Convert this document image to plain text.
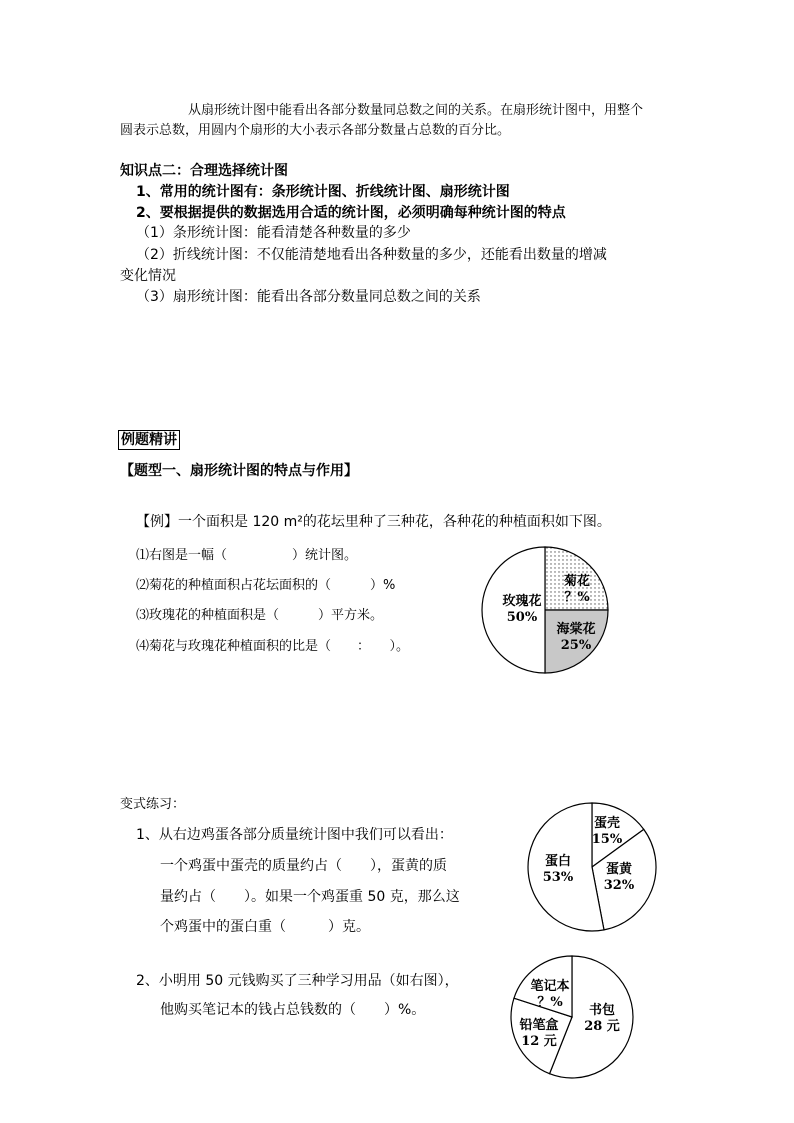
从扇形统计图中能看出各部分数量同总数之间的关系。在扇形统计图中，用整个
圆表示总数，用圆内个扇形的大小表示各部分数量占总数的百分比。
知识点二：合理选择统计图
1、常用的统计图有：条形统计图、折线统计图、扇形统计图
2、要根据提供的数据选用合适的统计图，必须明确每种统计图的特点
（1）条形统计图：能看清楚各种数量的多少
（2）折线统计图：不仅能清楚地看出各种数量的多少，还能看出数量的增减
变化情况
（3）扇形统计图：能看出各部分数量同总数之间的关系
例题精讲
【题型一、扇形统计图的特点与作用】
【例】一个面积是 120 m²的花坛里种了三种花，各种花的种植面积如下图。
⑴右图是一幅（　　　　　）统计图。
⑵菊花的种植面积占花坛面积的（　　　）%
⑶玫瑰花的种植面积是（　　　）平方米。
⑷菊花与玫瑰花种植面积的比是（　　：　　）。
菊花
？%
海棠花
25%
玫瑰花
50%
变式练习：
1、从右边鸡蛋各部分质量统计图中我们可以看出：
一个鸡蛋中蛋壳的质量约占（　　），蛋黄的质
量约占（　　）。如果一个鸡蛋重 50 克，那么这
个鸡蛋中的蛋白重（　　　）克。
2、小明用 50 元钱购买了三种学习用品（如右图），
他购买笔记本的钱占总钱数的（　　）%。
蛋壳
15%
蛋黄
32%
蛋白
53%
书包
28 元
铅笔盒
12 元
笔记本
？%
